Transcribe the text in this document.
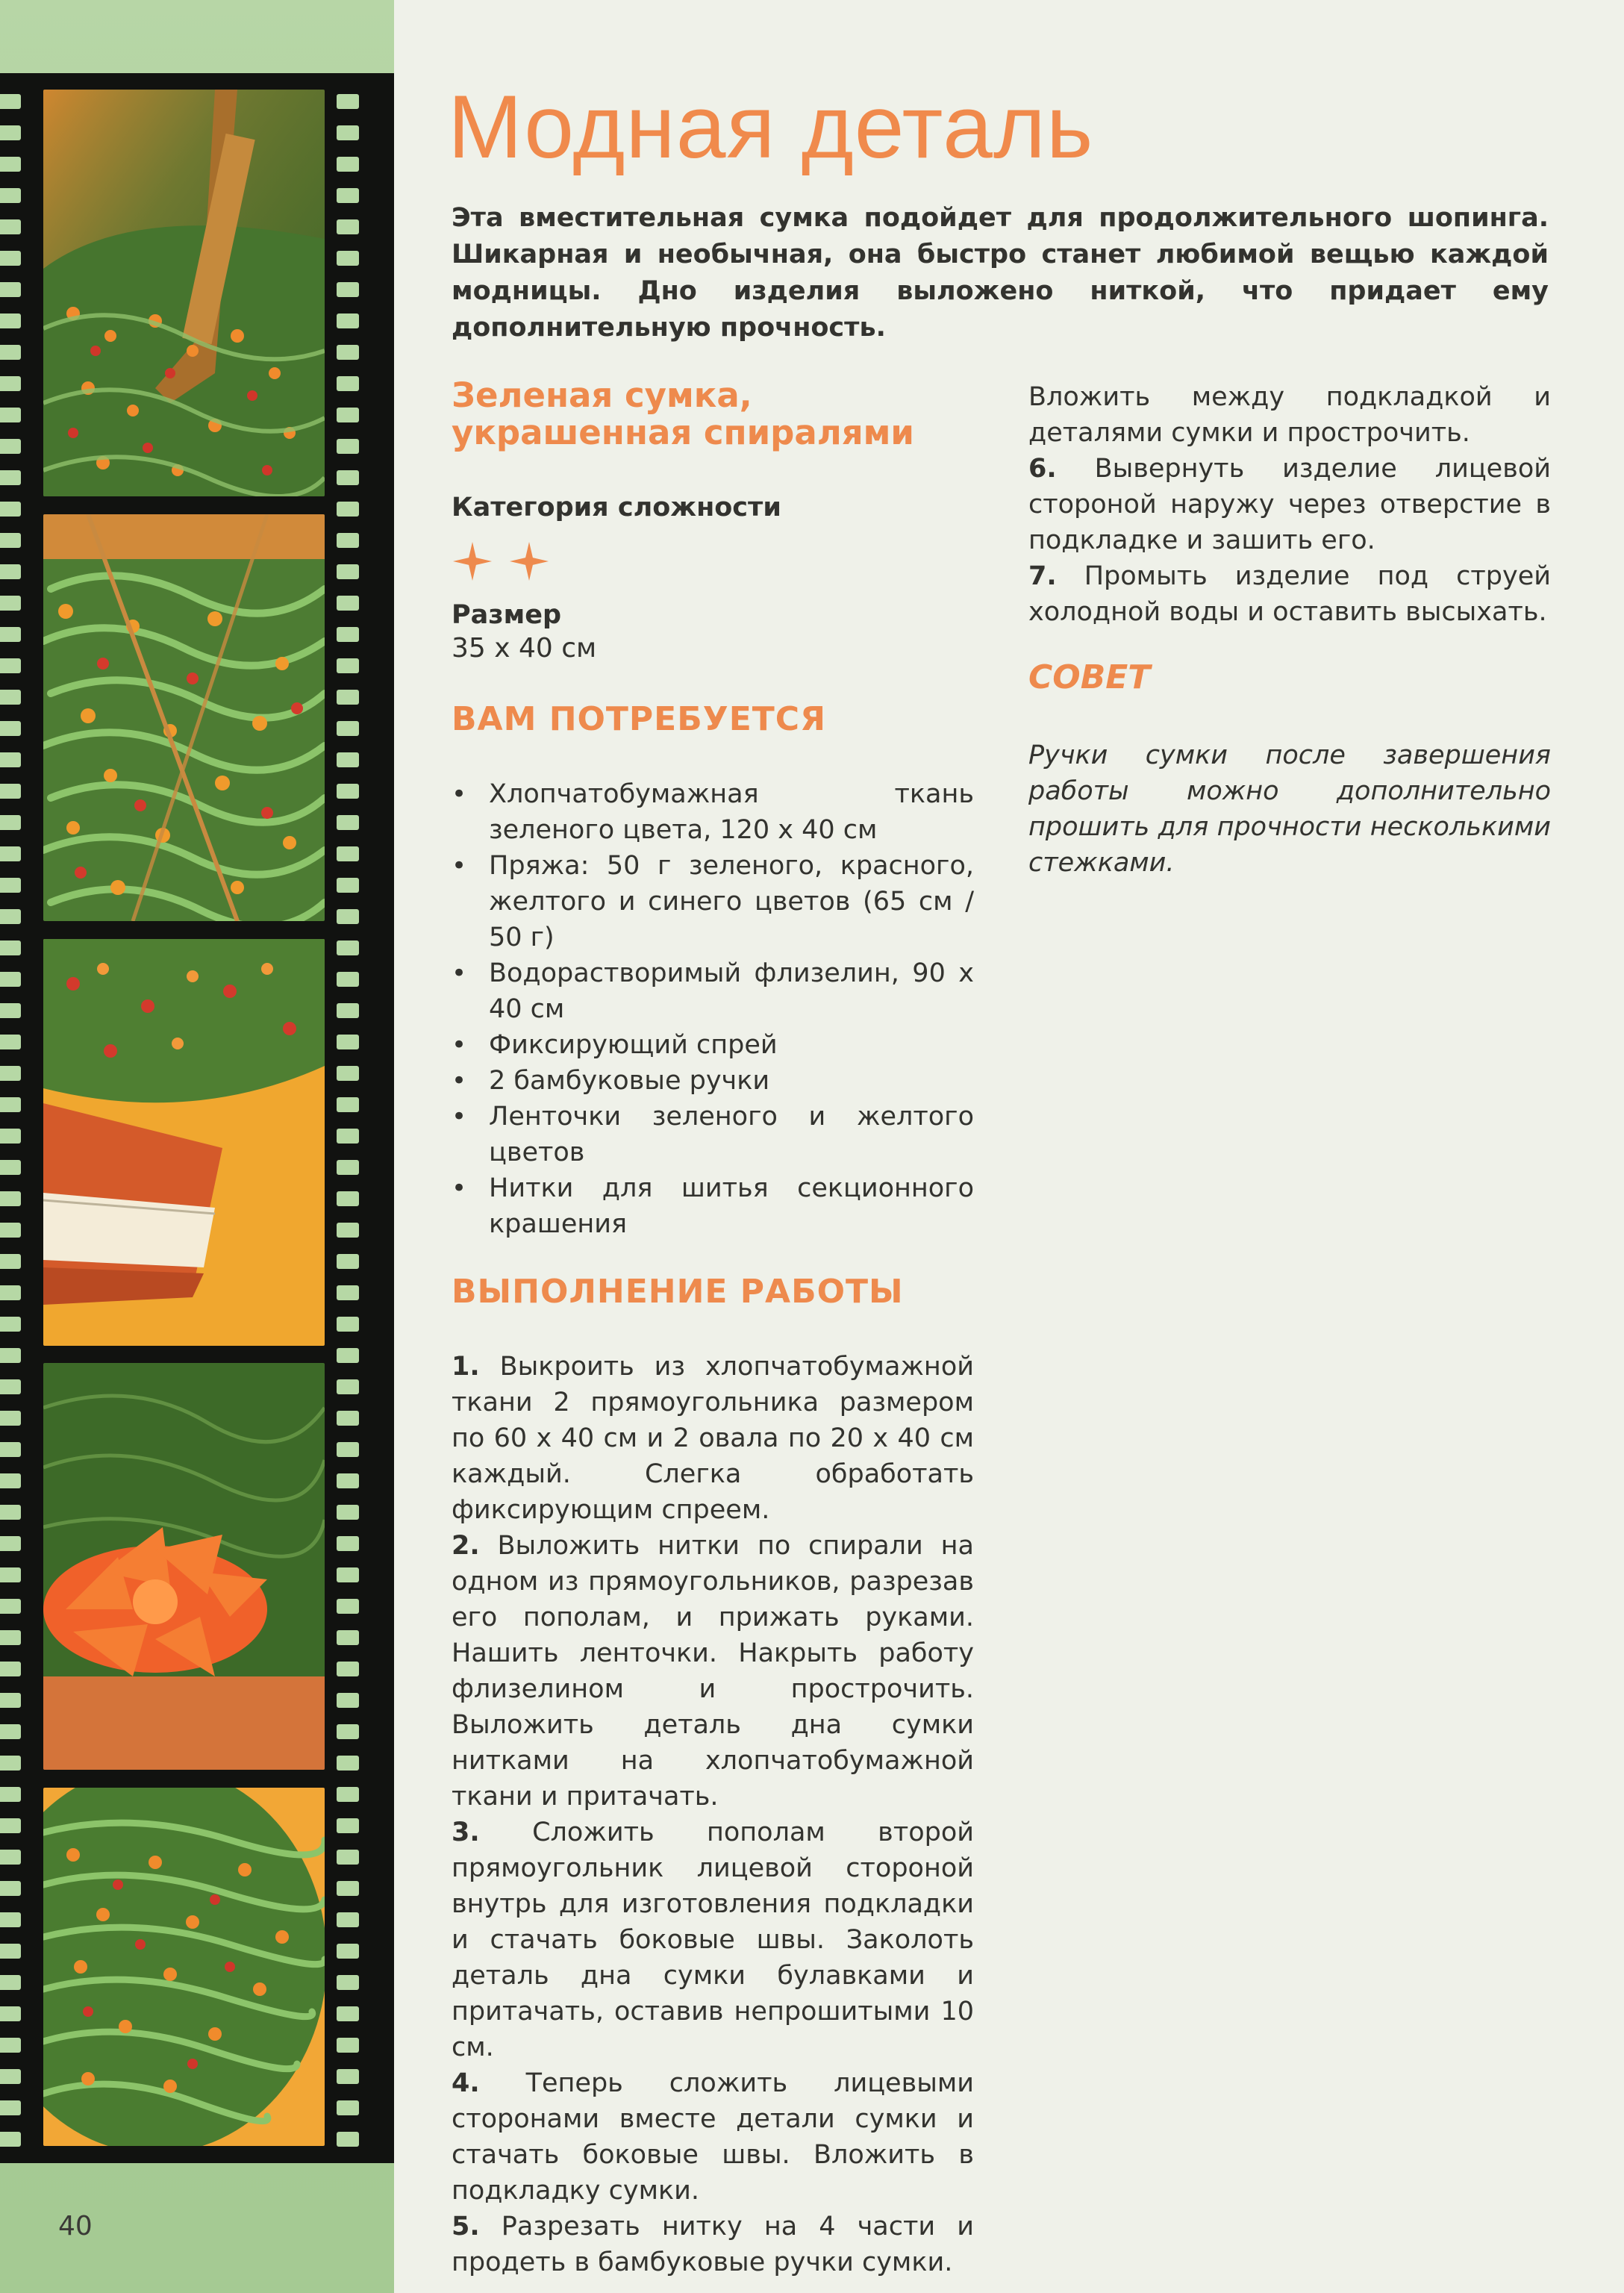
40
Модная деталь

Эта вместительная сумка подойдет для продолжительного шопинга. Шикарная и необычная, она быстро станет любимой вещью каждой модницы. Дно изделия выложено ниткой, что придает ему дополнительную прочность.

Зеленая сумка, украшенная спиралями

Категория сложности

Размер

35 х 40 см
ВАМ ПОТРЕБУЕТСЯ
• Хлопчатобумажная ткань зеленого цвета, 120 х 40 см
• Пряжа: 50 г зеленого, красного, желтого и синего цветов (65 см / 50 г)
• Водорастворимый флизелин, 90 х 40 см
• Фиксирующий спрей
• 2 бамбуковые ручки
• Ленточки зеленого и желтого цветов
• Нитки для шитья секционного крашения
ВЫПОЛНЕНИЕ РАБОТЫ

1. Выкроить из хлопчатобумажной ткани 2 прямоугольника размером по 60 х 40 см и 2 овала по 20 х 40 см каждый. Слегка обработать фиксирующим спреем.

2. Выложить нитки по спирали на одном из прямоугольников, разрезав его пополам, и прижать руками. Нашить ленточки. Накрыть работу флизелином и прострочить. Выложить деталь дна сумки нитками на хлопчатобумажной ткани и притачать.

3. Сложить пополам второй прямоугольник лицевой стороной внутрь для изготовления подкладки и стачать боковые швы. Заколоть деталь дна сумки булавками и притачать, оставив непрошитыми 10 см.

4. Теперь сложить лицевыми сторонами вместе детали сумки и стачать боковые швы. Вложить в подкладку сумки.

5. Разрезать нитку на 4 части и продеть в бамбуковые ручки сумки.

Вложить между подкладкой и деталями сумки и прострочить.

6. Вывернуть изделие лицевой стороной наружу через отверстие в подкладке и зашить его.

7. Промыть изделие под струей холодной воды и оставить высыхать.

СОВЕТ

Ручки сумки после завершения работы можно дополнительно прошить для прочности несколькими стежками.
